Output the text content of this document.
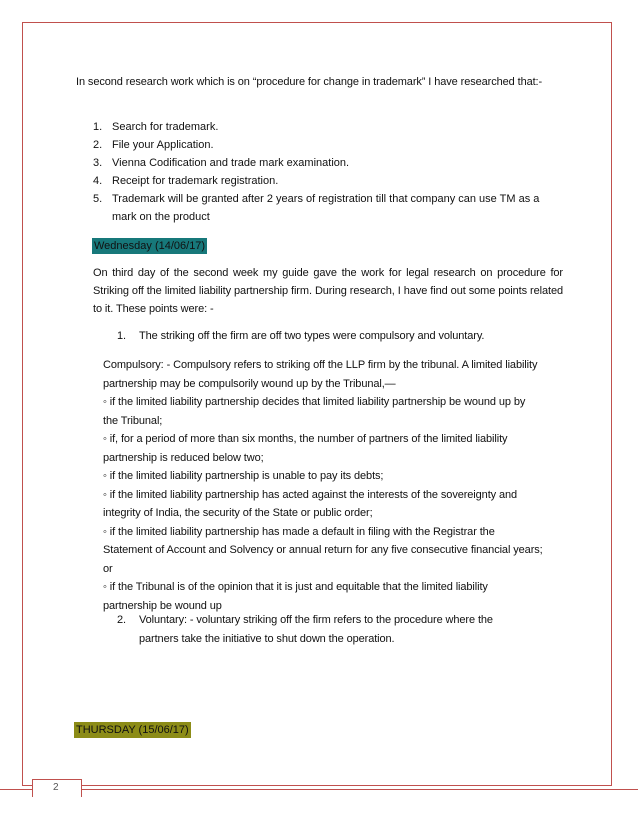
In second research work which is on “procedure for change in trademark” I have researched that:-
1. Search for trademark.
2. File your Application.
3. Vienna Codification and trade mark examination.
4. Receipt for trademark registration.
5. Trademark will be granted after 2 years of registration till that company can use TM as a mark on the product
Wednesday (14/06/17)
On third day of the second week my guide gave the work for legal research on procedure for Striking off the limited liability partnership firm. During research, I have find out some points related to it. These points were: -
1. The striking off the firm are off two types were compulsory and voluntary.
Compulsory: - Compulsory refers to striking off the LLP firm by the tribunal. A limited liability partnership may be compulsorily wound up by the Tribunal,—
◦ if the limited liability partnership decides that limited liability partnership be wound up by the Tribunal;
◦ if, for a period of more than six months, the number of partners of the limited liability partnership is reduced below two;
◦ if the limited liability partnership is unable to pay its debts;
◦ if the limited liability partnership has acted against the interests of the sovereignty and integrity of India, the security of the State or public order;
◦ if the limited liability partnership has made a default in filing with the Registrar the Statement of Account and Solvency or annual return for any five consecutive financial years; or
◦ if the Tribunal is of the opinion that it is just and equitable that the limited liability partnership be wound up
2. Voluntary: - voluntary striking off the firm refers to the procedure where the partners take the initiative to shut down the operation.
THURSDAY (15/06/17)
2
